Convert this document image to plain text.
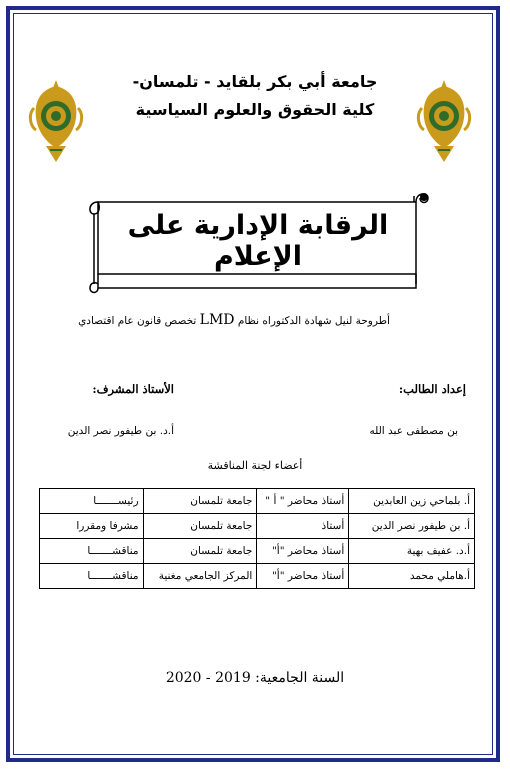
جامعة أبي بكر بلقايد - تلمسان-
كلية الحقوق والعلوم السياسية
الرقابة الإدارية على الإعلام
أطروحة لنيل شهادة الدكتوراه نظام LMD تخصص قانون عام اقتصادي
إعداد الطالب:
الأستاذ المشرف:
بن مصطفى عبد الله
أ.د. بن طيفور نصر الدين
أعضاء لجنة المناقشة
أ. بلماحي زين العابدين	أستاذ محاضر " أ "	جامعة تلمسان	رئيســـــــا
أ. بن طيفور نصر الدين	أستاذ	جامعة تلمسان	مشرفا ومقررا
أ.د. عفيف بهية	أستاذ محاضر "أ"	جامعة تلمسان	مناقشـــــــا
أ.هاملي محمد	أستاذ محاضر "أ"	المركز الجامعي مغنية	مناقشـــــــا
السنة الجامعية: 2019 - 2020
